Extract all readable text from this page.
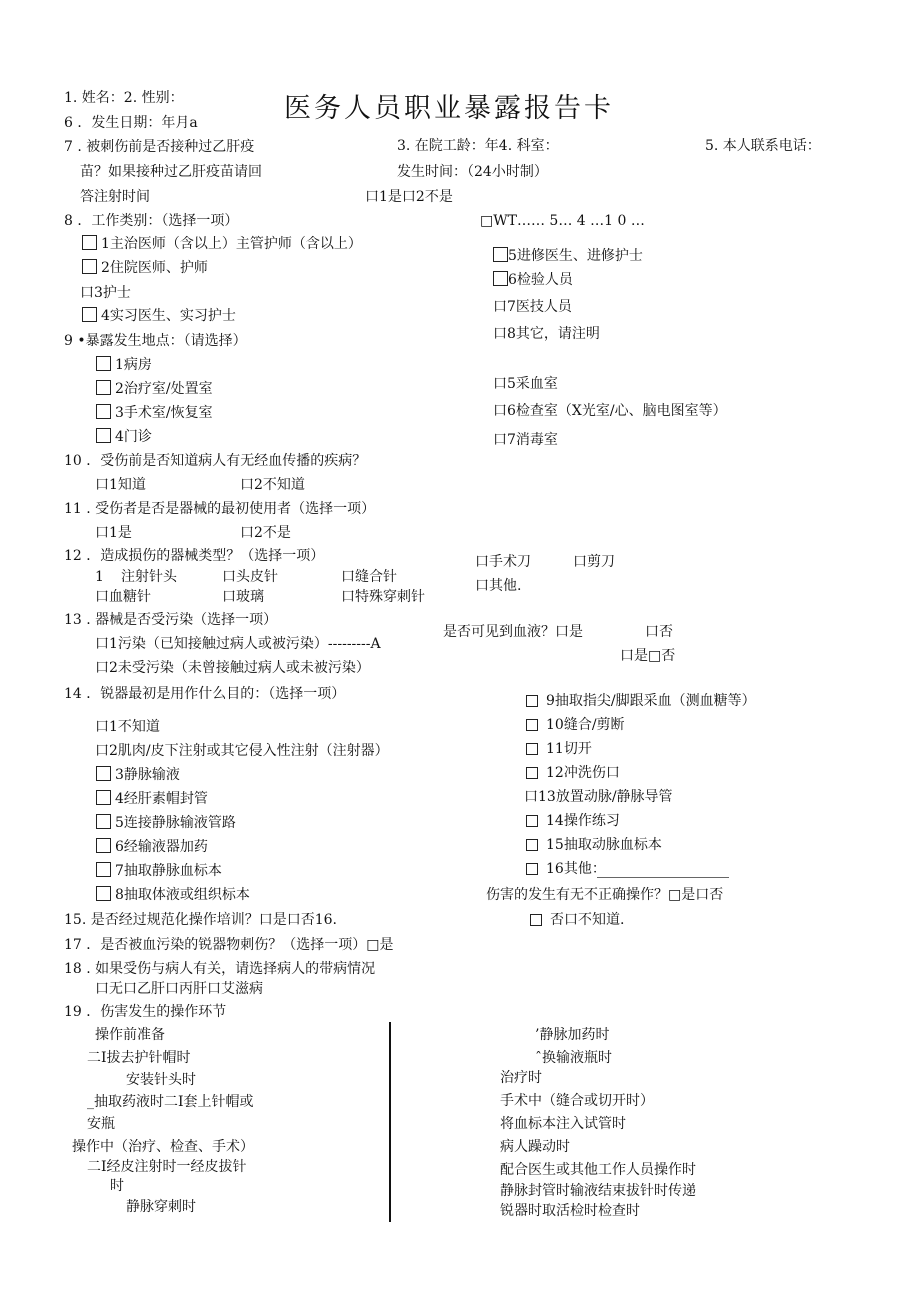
医务人员职业暴露报告卡
1. 姓名：2. 性别：
6 ．发生日期：年月a
7 . 被刺伤前是否接种过乙肝疫
苗？如果接种过乙肝疫苗请回
答注射时间
3. 在院工龄：年4. 科室：	5. 本人联系电话：
发生时间：（24小时制）
口1是口2不是
8 ．工作类别：（选择一项）	□WT…… 5… 4 …1 0 …
1主治医师（含以上）主管护师（含以上）
2住院医师、护师
口3护士
4实习医生、实习护士
5进修医生、进修护士
6检验人员
口7医技人员
口8其它，请注明
9 •暴露发生地点：（请选择）
1病房
2治疗室/处置室
3手术室/恢复室
4门诊
口5采血室
口6检查室（X光室/心、脑电图室等）
口7消毒室
10 ．受伤前是否知道病人有无经血传播的疾病？
口1知道	口2不知道
11 . 受伤者是否是器械的最初使用者（选择一项）
口1是	口2不是
12 ．造成损伤的器械类型？（选择一项）
1 注射针头	口头皮针	口缝合针
口血糖针	口玻璃	口特殊穿刺针
口手术刀	口剪刀
口其他.
13 . 器械是否受污染（选择一项）
口1污染（已知接触过病人或被污染）---------A
口2未受污染（未曾接触过病人或未被污染）
是否可见到血液？口是	口否
口是□否
14 ．锐器最初是用作什么目的：（选择一项）
口1不知道
口2肌肉/皮下注射或其它侵入性注射（注射器）
3静脉输液
4经肝素帽封管
5连接静脉输液管路
6经输液器加药
7抽取静脉血标本
8抽取体液或组织标本
9抽取指尖/脚跟采血（测血糖等）
10缝合/剪断
11切开
12冲洗伤口
口13放置动脉/静脉导管
14操作练习
15抽取动脉血标本
16其他：
伤害的发生有无不正确操作？□是口否
15. 是否经过规范化操作培训？口是口否16.	否口不知道.
17 ．是否被血污染的锐器物刺伤？（选择一项）□是
18 . 如果受伤与病人有关，请选择病人的带病情况
口无口乙肝口丙肝口艾滋病
19 ．伤害发生的操作环节
操作前准备
二I拔去护针帽时
安装针头时
_抽取药液时二I套上针帽或
安瓶
操作中（治疗、检查、手术）
二I经皮注射时一经皮拔针
时
静脉穿刺时
’静脉加药时
ˆ换输液瓶时
治疗时
手术中（缝合或切开时）
将血标本注入试管时
病人躁动时
配合医生或其他工作人员操作时
静脉封管时输液结束拔针时传递
锐器时取活检时检查时
